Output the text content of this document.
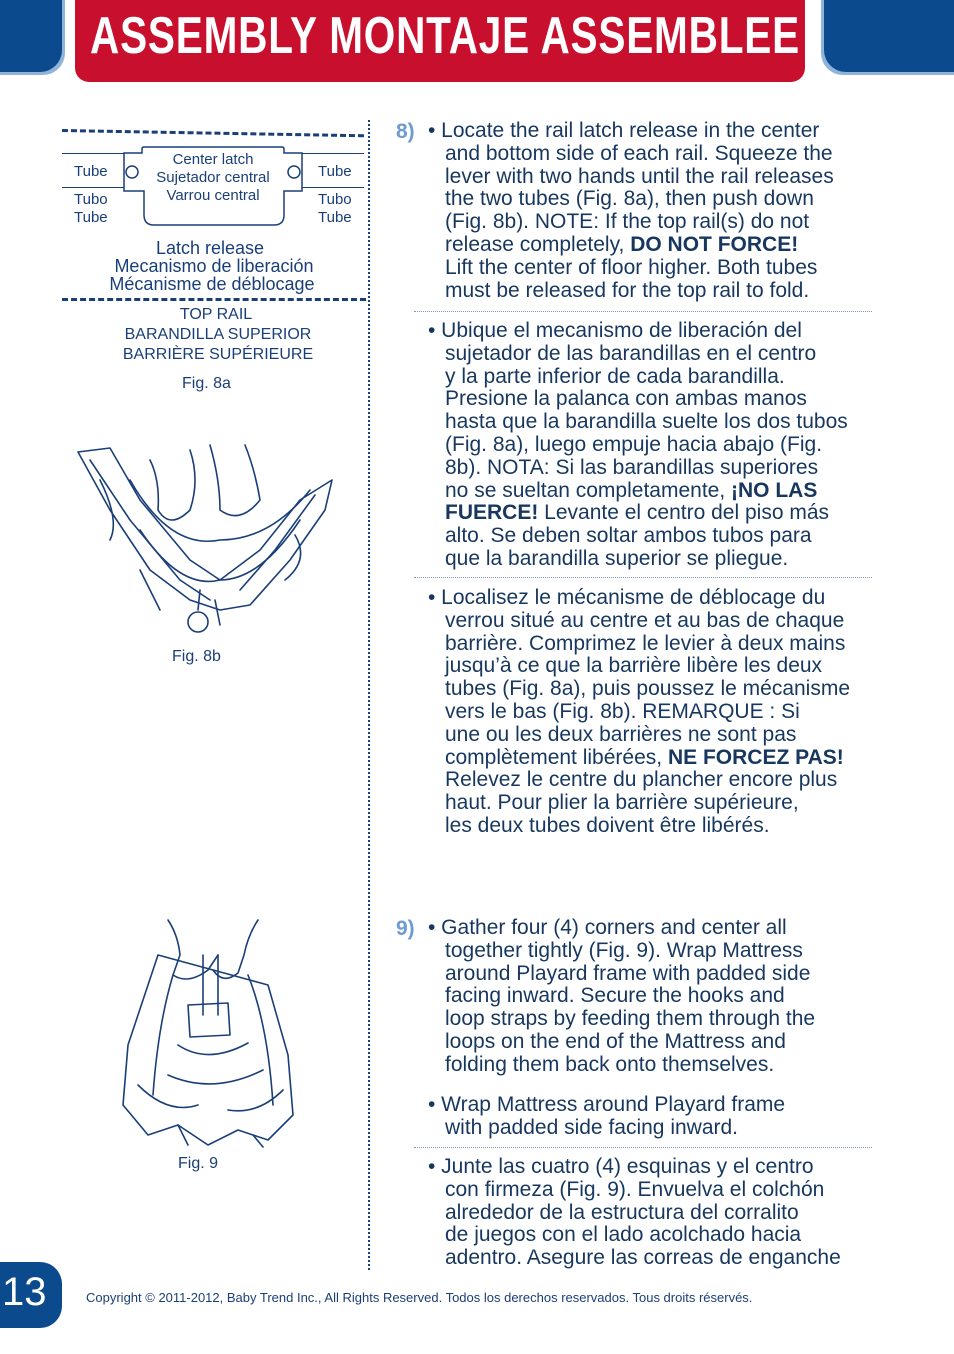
ASSEMBLY MONTAJE ASSEMBLEE
Tube
Tubo
Tube
Tube
Tubo
Tube
Center latch
Sujetador central
Varrou central
Latch release
Mecanismo de liberación
Mécanisme de déblocage
TOP RAIL
BARANDILLA SUPERIOR
BARRIÈRE SUPÉRIEURE
Fig. 8a
Fig. 8b
Fig. 9
8) • Locate the rail latch release in the center
and bottom side of each rail. Squeeze the
lever with two hands until the rail releases
the two tubes (Fig. 8a), then push down
(Fig. 8b). NOTE: If the top rail(s) do not
release completely, DO NOT FORCE!
Lift the center of floor higher. Both tubes
must be released for the top rail to fold.
• Ubique el mecanismo de liberación del
sujetador de las barandillas en el centro
y la parte inferior de cada barandilla.
Presione la palanca con ambas manos
hasta que la barandilla suelte los dos tubos
(Fig. 8a), luego empuje hacia abajo (Fig.
8b). NOTA: Si las barandillas superiores
no se sueltan completamente, ¡NO LAS
FUERCE! Levante el centro del piso más
alto. Se deben soltar ambos tubos para
que la barandilla superior se pliegue.
• Localisez le mécanisme de déblocage du
verrou situé au centre et au bas de chaque
barrière. Comprimez le levier à deux mains
jusqu’à ce que la barrière libère les deux
tubes (Fig. 8a), puis poussez le mécanisme
vers le bas (Fig. 8b). REMARQUE : Si
une ou les deux barrières ne sont pas
complètement libérées, NE FORCEZ PAS!
Relevez le centre du plancher encore plus
haut. Pour plier la barrière supérieure,
les deux tubes doivent être libérés.
9) • Gather four (4) corners and center all
together tightly (Fig. 9). Wrap Mattress
around Playard frame with padded side
facing inward. Secure the hooks and
loop straps by feeding them through the
loops on the end of the Mattress and
folding them back onto themselves.
• Wrap Mattress around Playard frame
with padded side facing inward.
• Junte las cuatro (4) esquinas y el centro
con firmeza (Fig. 9). Envuelva el colchón
alrededor de la estructura del corralito
de juegos con el lado acolchado hacia
adentro. Asegure las correas de enganche
13	Copyright © 2011-2012, Baby Trend Inc., All Rights Reserved. Todos los derechos reservados. Tous droits réservés.
